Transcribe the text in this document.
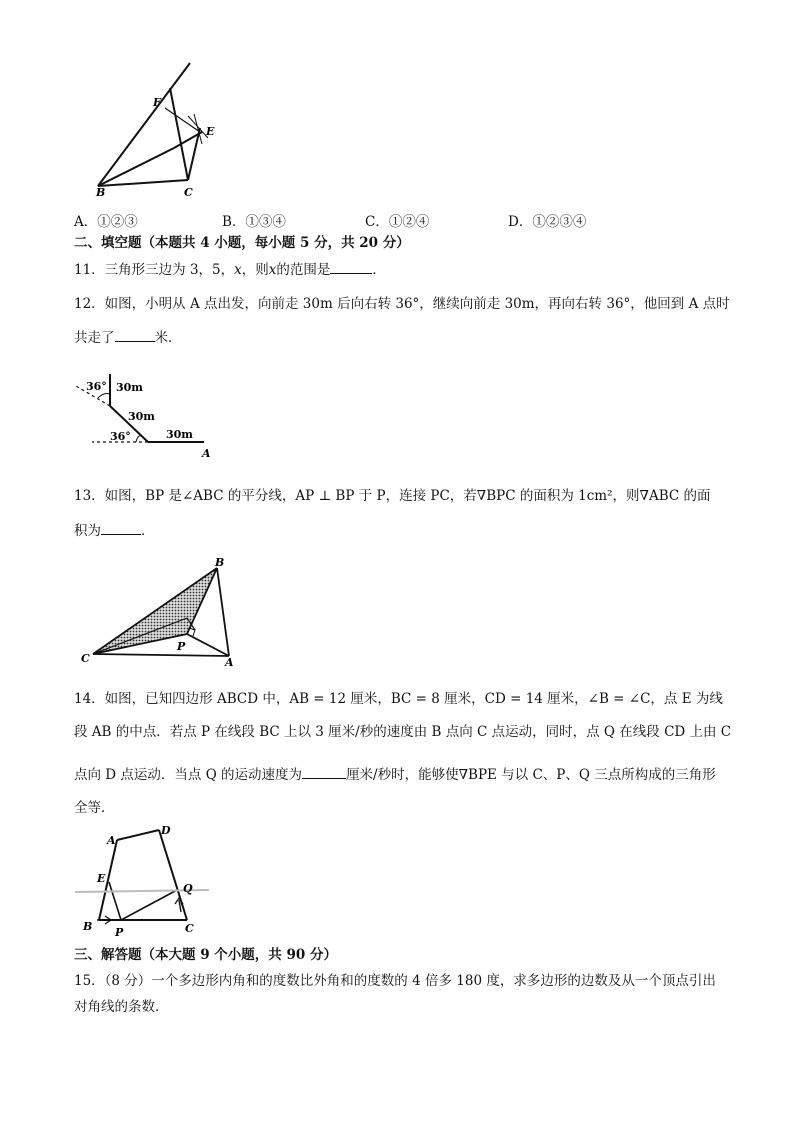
F
E
B	C
A．①②③	B．①③④	C．①②④	D．①②③④
二、填空题（本题共 4 小题，每小题 5 分，共 20 分）
11．三角形三边为 3，5，x，则x的范围是	．
12．如图，小明从 A 点出发，向前走 30m 后向右转 36°，继续向前走 30m，再向右转 36°，他回到 A 点时
共走了	米．
36° 30m
30m
36°	30m
A
13．如图，BP 是∠ABC 的平分线，AP ⊥ BP 于 P，连接 PC，若∇BPC 的面积为 1cm²，则∇ABC 的面
积为	．
B
C
P
A
14．如图，已知四边形 ABCD 中，AB = 12 厘米，BC = 8 厘米，CD = 14 厘米，∠B = ∠C，点 E 为线
段 AB 的中点．若点 P 在线段 BC 上以 3 厘米/秒的速度由 B 点向 C 点运动，同时，点 Q 在线段 CD 上由 C
点向 D 点运动．当点 Q 的运动速度为	厘米/秒时，能够使∇BPE 与以 C、P、Q 三点所构成的三角形
全等．
A
D
E
Q
B P	C
三、解答题（本大题 9 个小题，共 90 分）
15．（8 分）一个多边形内角和的度数比外角和的度数的 4 倍多 180 度，求多边形的边数及从一个顶点引出
对角线的条数．
